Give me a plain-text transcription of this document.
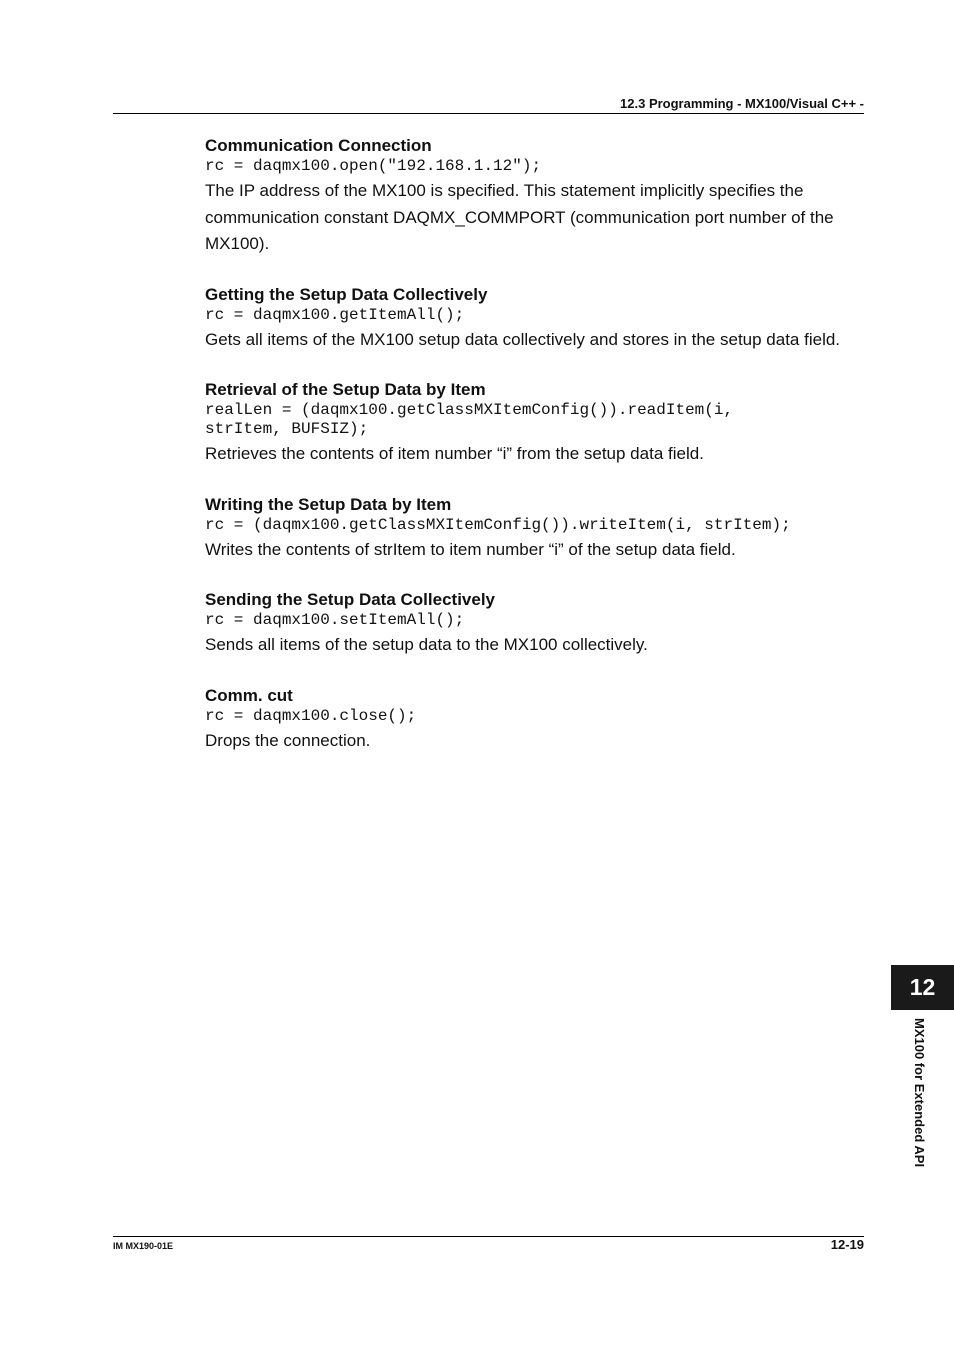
12.3 Programming - MX100/Visual C++ -
Communication Connection
rc = daqmx100.open("192.168.1.12");

The IP address of the MX100 is specified. This statement implicitly specifies the communication constant DAQMX_COMMPORT (communication port number of the MX100).

Getting the Setup Data Collectively
rc = daqmx100.getItemAll();

Gets all items of the MX100 setup data collectively and stores in the setup data field.

Retrieval of the Setup Data by Item
realLen = (daqmx100.getClassMXItemConfig()).readItem(i,
strItem, BUFSIZ);

Retrieves the contents of item number “i” from the setup data field.

Writing the Setup Data by Item
rc = (daqmx100.getClassMXItemConfig()).writeItem(i, strItem);

Writes the contents of strItem to item number “i” of the setup data field.

Sending the Setup Data Collectively
rc = daqmx100.setItemAll();

Sends all items of the setup data to the MX100 collectively.

Comm. cut
rc = daqmx100.close();

Drops the connection.

12
MX100 for Extended API
IM MX190-01E	12-19
